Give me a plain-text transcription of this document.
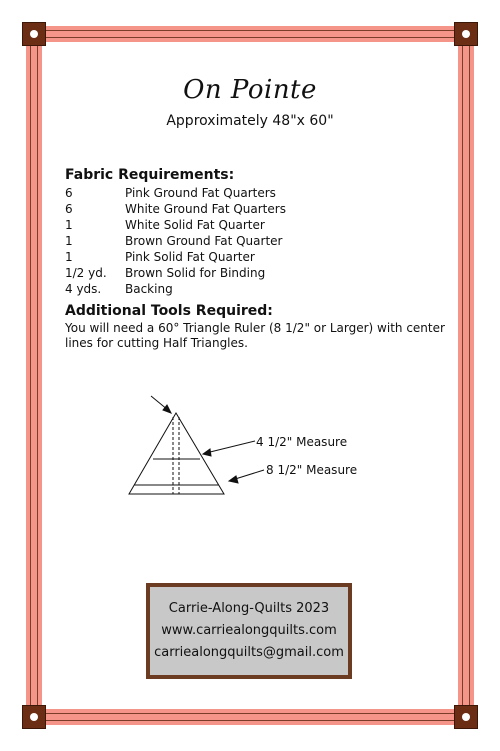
On Pointe
Approximately 48"x 60"
Fabric Requirements:
6	Pink Ground Fat Quarters
6	White Ground Fat Quarters
1	White Solid Fat Quarter
1	Brown Ground Fat Quarter
1	Pink Solid Fat Quarter
1/2 yd.	Brown Solid for Binding
4 yds.	Backing
Additional Tools Required:
You will need a 60° Triangle Ruler (8 1/2" or Larger) with center lines for cutting Half Triangles.
4 1/2" Measure
8 1/2" Measure
Carrie-Along-Quilts 2023
www.carriealongquilts.com
carriealongquilts@gmail.com
